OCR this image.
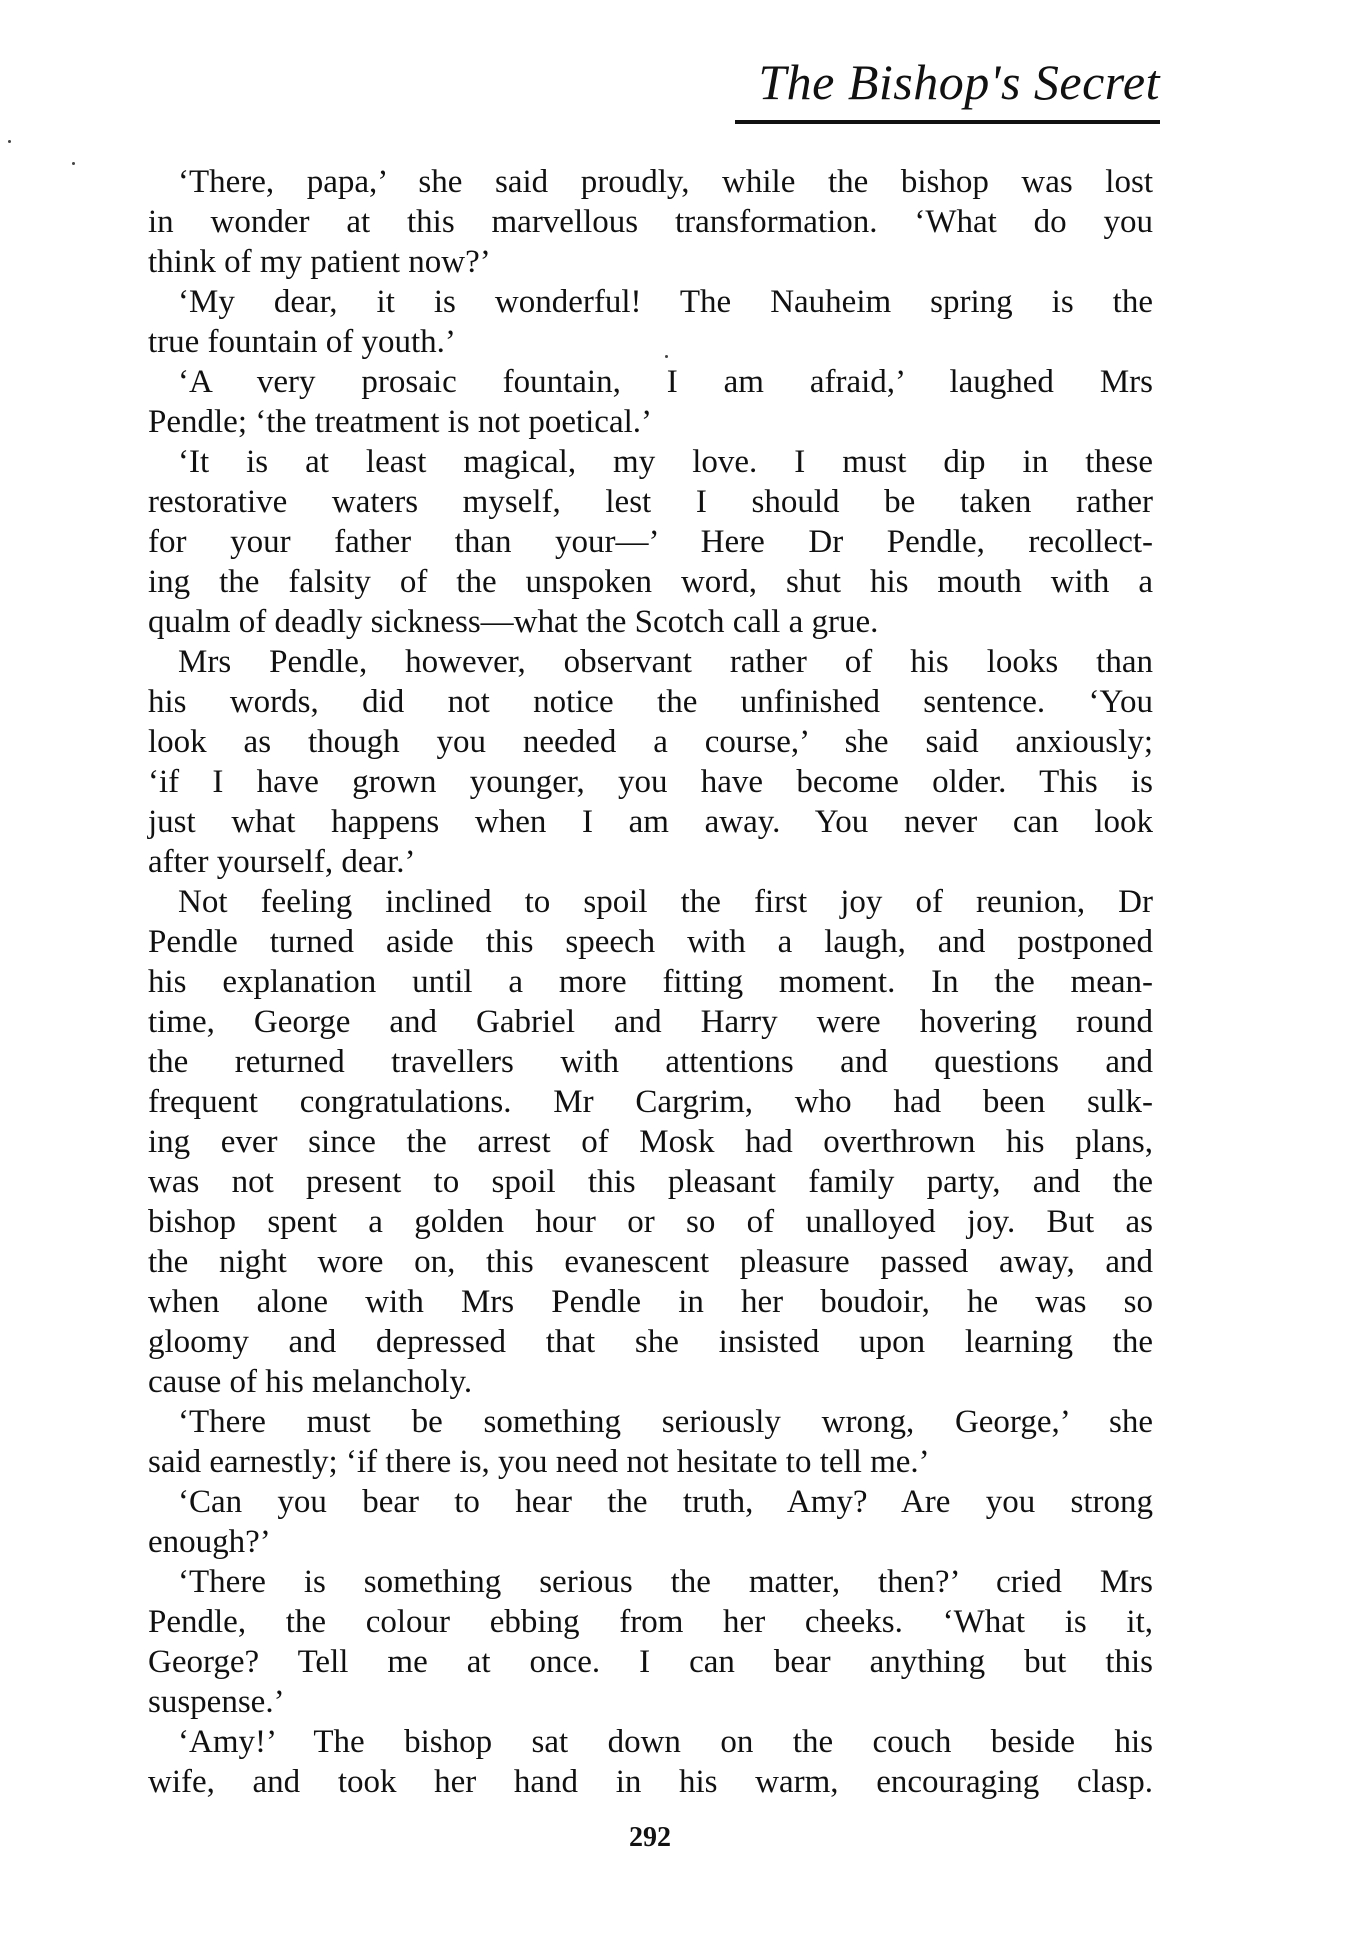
The Bishop's Secret
‘There, papa,’ she said proudly, while the bishop was lost
in wonder at this marvellous transformation. ‘What do you
think of my patient now?’
‘My dear, it is wonderful! The Nauheim spring is the
true fountain of youth.’
‘A very prosaic fountain, I am afraid,’ laughed Mrs
Pendle; ‘the treatment is not poetical.’
‘It is at least magical, my love. I must dip in these
restorative waters myself, lest I should be taken rather
for your father than your—’ Here Dr Pendle, recollect-
ing the falsity of the unspoken word, shut his mouth with a
qualm of deadly sickness—what the Scotch call a grue.
Mrs Pendle, however, observant rather of his looks than
his words, did not notice the unfinished sentence. ‘You
look as though you needed a course,’ she said anxiously;
‘if I have grown younger, you have become older. This is
just what happens when I am away. You never can look
after yourself, dear.’
Not feeling inclined to spoil the first joy of reunion, Dr
Pendle turned aside this speech with a laugh, and postponed
his explanation until a more fitting moment. In the mean-
time, George and Gabriel and Harry were hovering round
the returned travellers with attentions and questions and
frequent congratulations. Mr Cargrim, who had been sulk-
ing ever since the arrest of Mosk had overthrown his plans,
was not present to spoil this pleasant family party, and the
bishop spent a golden hour or so of unalloyed joy. But as
the night wore on, this evanescent pleasure passed away, and
when alone with Mrs Pendle in her boudoir, he was so
gloomy and depressed that she insisted upon learning the
cause of his melancholy.
‘There must be something seriously wrong, George,’ she
said earnestly; ‘if there is, you need not hesitate to tell me.’
‘Can you bear to hear the truth, Amy? Are you strong
enough?’
‘There is something serious the matter, then?’ cried Mrs
Pendle, the colour ebbing from her cheeks. ‘What is it,
George? Tell me at once. I can bear anything but this
suspense.’
‘Amy!’ The bishop sat down on the couch beside his
wife, and took her hand in his warm, encouraging clasp.
292
